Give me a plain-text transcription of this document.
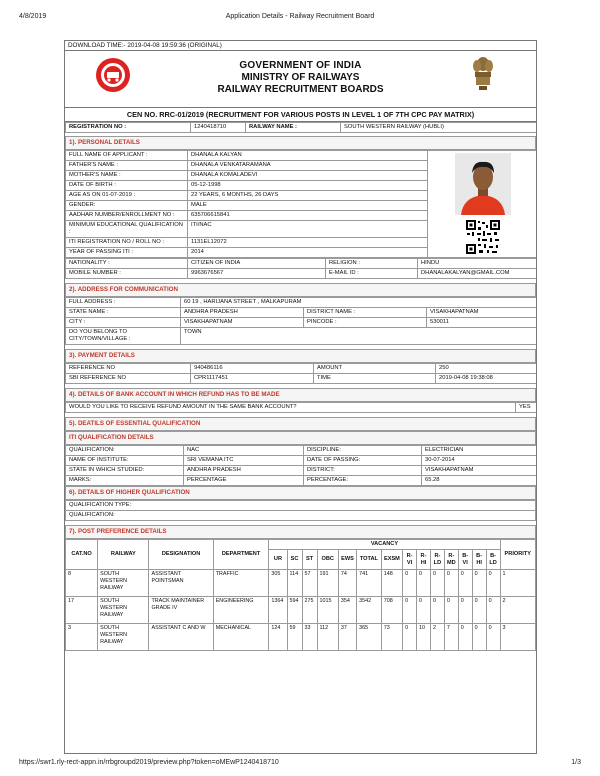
4/8/2019	Application Details - Railway Recruitment Board
DOWNLOAD TIME:- 2019-04-08 19:59:36 (ORIGINAL)
GOVERNMENT OF INDIA
MINISTRY OF RAILWAYS
RAILWAY RECRUITMENT BOARDS
CEN NO. RRC-01/2019 (RECRUITMENT FOR VARIOUS POSTS IN LEVEL 1 OF 7TH CPC PAY MATRIX)
REGISTRATION NO :	1240418710	RAILWAY NAME :	SOUTH WESTERN RAILWAY (HUBLI)
1). PERSONAL DETAILS
FULL NAME OF APPLICANT :	DHANALA KALYAN	

FATHER'S NAME :	DHANALA VENKATARAMANA	
MOTHER'S NAME :	DHANALA KOMALADEVI	
DATE OF BIRTH :	05-12-1998	
AGE AS ON 01-07-2019 :	22 YEARS, 6 MONTHS, 26 DAYS	
GENDER:	MALE	
AADHAR NUMBER/ENROLLMENT NO :	635706615841	
MINIMUM EDUCATIONAL QUALIFICATION :	ITI/NAC	
ITI REGISTRATION NO / ROLL NO :	1131EL12072	
YEAR OF PASSING ITI :	2014	
NATIONALITY :	CITIZEN OF INDIA	RELIGION :	HINDU
MOBILE NUMBER :	9963676567	E-MAIL ID :	DHANALAKALYAN@GMAIL.COM
2). ADDRESS FOR COMMUNICATION
FULL ADDRESS :	60 19 , HARIJANA STREET , MALKAPURAM		
STATE NAME :	ANDHRA PRADESH	DISTRICT NAME :	VISAKHAPATNAM
CITY :	VISAKHAPATNAM	PINCODE :	530011
DO YOU BELONG TO CITY/TOWN/VILLAGE :	TOWN		
3). PAYMENT DETAILS
REFERENCE NO	940486116	AMOUNT	250
SBI REFERENCE NO	CPR1117451	TIME	2019-04-08 19:38:08
4). DETAILS OF BANK ACCOUNT IN WHICH REFUND HAS TO BE MADE
WOULD YOU LIKE TO RECEIVE REFUND AMOUNT IN THE SAME BANK ACCOUNT?	YES
5). DEATILS OF ESSENTIAL QUALIFICATION
ITI QUALIFICATION DETAILS
QUALIFICATION:	NAC	DISCIPLINE:	ELECTRICIAN
NAME OF INSTITUTE:	SRI VEMANA ITC	DATE OF PASSING:	30-07-2014
STATE IN WHICH STUDIED:	ANDHRA PRADESH	DISTRICT:	VISAKHAPATNAM
MARKS:	PERCENTAGE	PERCENTAGE:	65.28
6). DETAILS OF HIGHER QUALIFICATION
QUALIFICATION TYPE:
QUALIFICATION:
7). POST PREFERENCE DETAILS
CAT.NO	RAILWAY	DESIGNATION	DEPARTMENT	VACANCY														PRIORITY
				UR	SC	ST	OBC	EWS	TOTAL	EXSM	R-VI	R-HI	R-LD	R-MD	B-VI	B-HI	B-LD	
8	SOUTH WESTERN RAILWAY	ASSISTANT POINTSMAN	TRAFFIC	305	114	57	191	74	741	148	0	0	0	0	0	0	0	1
17	SOUTH WESTERN RAILWAY	TRACK MAINTAINER GRADE IV	ENGINEERING	1364	594	275	1015	354	3542	708	0	0	0	0	0	0	0	2
3	SOUTH WESTERN RAILWAY	ASSISTANT C AND W	MECHANICAL	124	59	33	112	37	365	73	0	10	2	7	0	0	0	3
https://swr1.rly-rect-appn.in/rrbgroupd2019/preview.php?token=oMEwP1240418710	1/3
